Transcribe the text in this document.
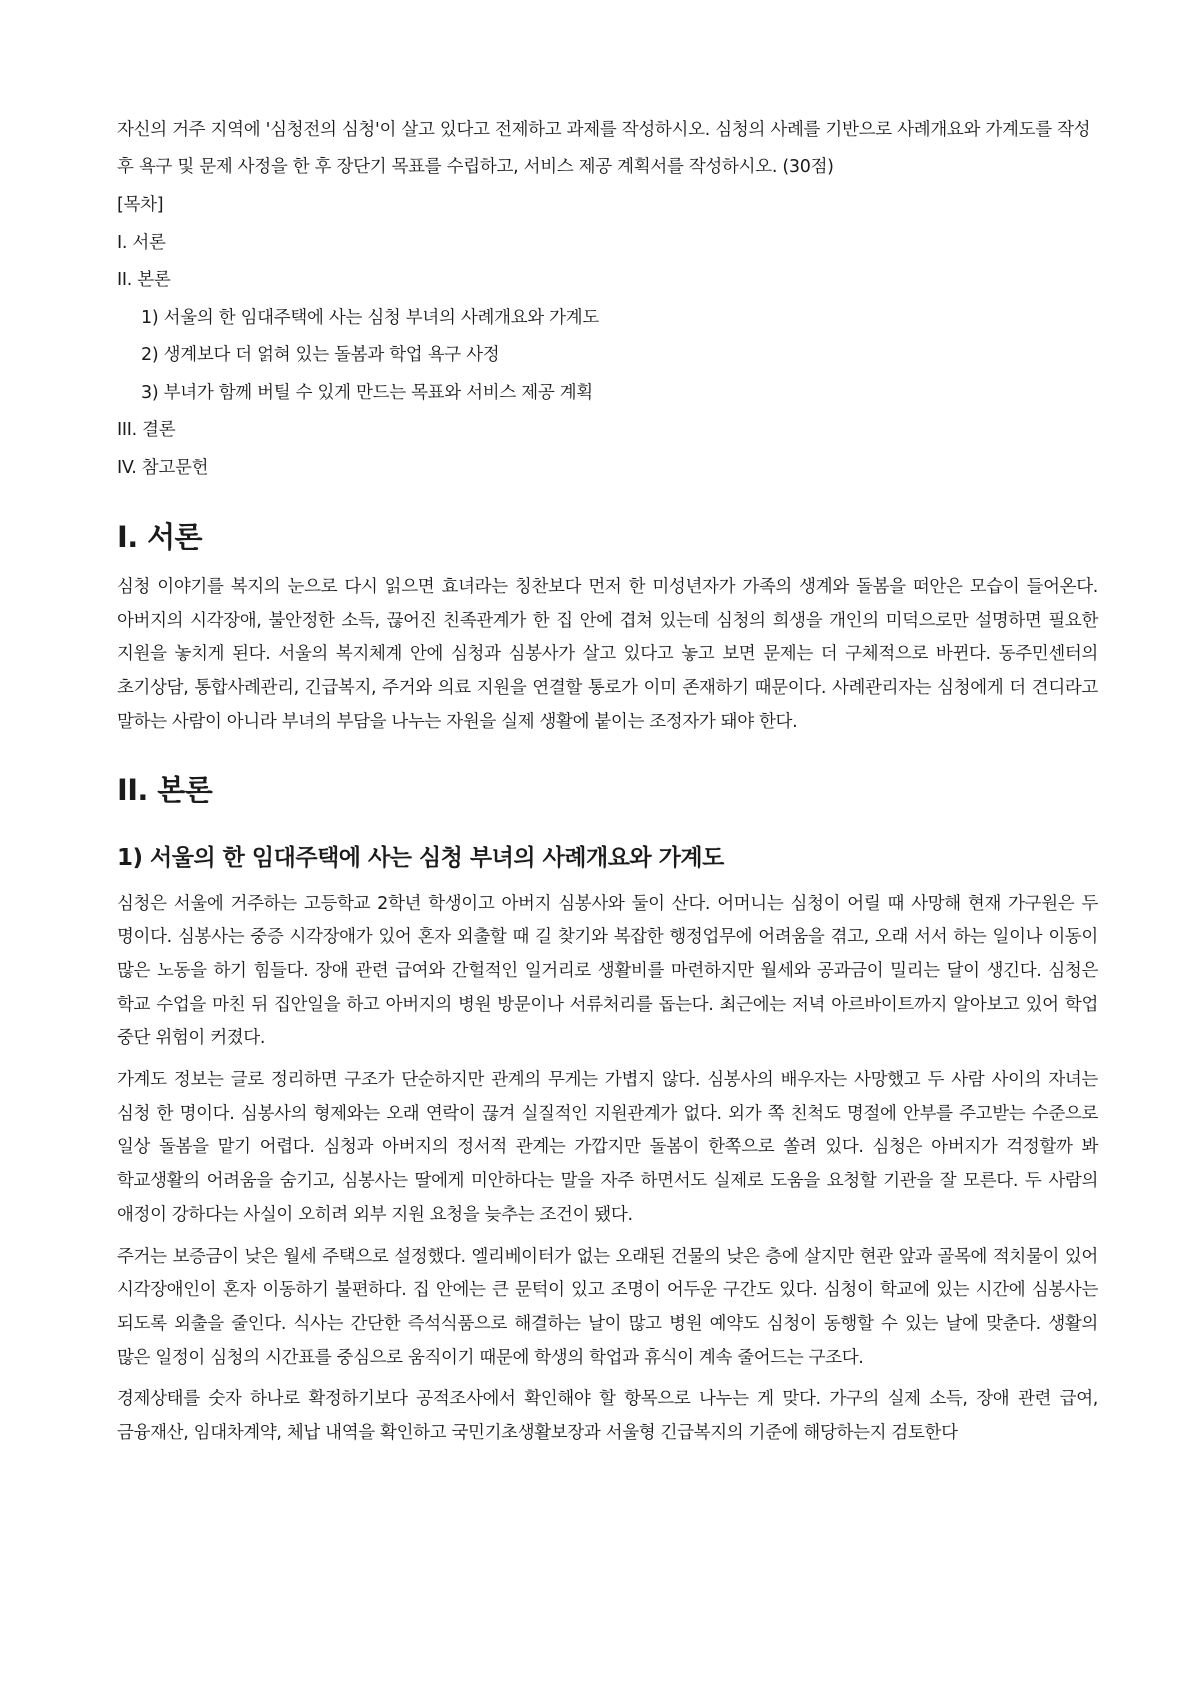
자신의 거주 지역에 '심청전의 심청'이 살고 있다고 전제하고 과제를 작성하시오. 심청의 사례를 기반으로 사례개요와 가계도를 작성 후 욕구 및 문제 사정을 한 후 장단기 목표를 수립하고, 서비스 제공 계획서를 작성하시오. (30점)

[목차]
I. 서론
II. 본론
1) 서울의 한 임대주택에 사는 심청 부녀의 사례개요와 가계도
2) 생계보다 더 얽혀 있는 돌봄과 학업 욕구 사정
3) 부녀가 함께 버틸 수 있게 만드는 목표와 서비스 제공 계획
III. 결론
IV. 참고문헌
I. 서론

심청 이야기를 복지의 눈으로 다시 읽으면 효녀라는 칭찬보다 먼저 한 미성년자가 가족의 생계와 돌봄을 떠안은 모습이 들어온다. 아버지의 시각장애, 불안정한 소득, 끊어진 친족관계가 한 집 안에 겹쳐 있는데 심청의 희생을 개인의 미덕으로만 설명하면 필요한 지원을 놓치게 된다. 서울의 복지체계 안에 심청과 심봉사가 살고 있다고 놓고 보면 문제는 더 구체적으로 바뀐다. 동주민센터의 초기상담, 통합사례관리, 긴급복지, 주거와 의료 지원을 연결할 통로가 이미 존재하기 때문이다. 사례관리자는 심청에게 더 견디라고 말하는 사람이 아니라 부녀의 부담을 나누는 자원을 실제 생활에 붙이는 조정자가 돼야 한다.

II. 본론
1) 서울의 한 임대주택에 사는 심청 부녀의 사례개요와 가계도

심청은 서울에 거주하는 고등학교 2학년 학생이고 아버지 심봉사와 둘이 산다. 어머니는 심청이 어릴 때 사망해 현재 가구원은 두 명이다. 심봉사는 중증 시각장애가 있어 혼자 외출할 때 길 찾기와 복잡한 행정업무에 어려움을 겪고, 오래 서서 하는 일이나 이동이 많은 노동을 하기 힘들다. 장애 관련 급여와 간헐적인 일거리로 생활비를 마련하지만 월세와 공과금이 밀리는 달이 생긴다. 심청은 학교 수업을 마친 뒤 집안일을 하고 아버지의 병원 방문이나 서류처리를 돕는다. 최근에는 저녁 아르바이트까지 알아보고 있어 학업 중단 위험이 커졌다.

가계도 정보는 글로 정리하면 구조가 단순하지만 관계의 무게는 가볍지 않다. 심봉사의 배우자는 사망했고 두 사람 사이의 자녀는 심청 한 명이다. 심봉사의 형제와는 오래 연락이 끊겨 실질적인 지원관계가 없다. 외가 쪽 친척도 명절에 안부를 주고받는 수준으로 일상 돌봄을 맡기 어렵다. 심청과 아버지의 정서적 관계는 가깝지만 돌봄이 한쪽으로 쏠려 있다. 심청은 아버지가 걱정할까 봐 학교생활의 어려움을 숨기고, 심봉사는 딸에게 미안하다는 말을 자주 하면서도 실제로 도움을 요청할 기관을 잘 모른다. 두 사람의 애정이 강하다는 사실이 오히려 외부 지원 요청을 늦추는 조건이 됐다.

주거는 보증금이 낮은 월세 주택으로 설정했다. 엘리베이터가 없는 오래된 건물의 낮은 층에 살지만 현관 앞과 골목에 적치물이 있어 시각장애인이 혼자 이동하기 불편하다. 집 안에는 큰 문턱이 있고 조명이 어두운 구간도 있다. 심청이 학교에 있는 시간에 심봉사는 되도록 외출을 줄인다. 식사는 간단한 즉석식품으로 해결하는 날이 많고 병원 예약도 심청이 동행할 수 있는 날에 맞춘다. 생활의 많은 일정이 심청의 시간표를 중심으로 움직이기 때문에 학생의 학업과 휴식이 계속 줄어드는 구조다.

경제상태를 숫자 하나로 확정하기보다 공적조사에서 확인해야 할 항목으로 나누는 게 맞다. 가구의 실제 소득, 장애 관련 급여, 금융재산, 임대차계약, 체납 내역을 확인하고 국민기초생활보장과 서울형 긴급복지의 기준에 해당하는지 검토한다
